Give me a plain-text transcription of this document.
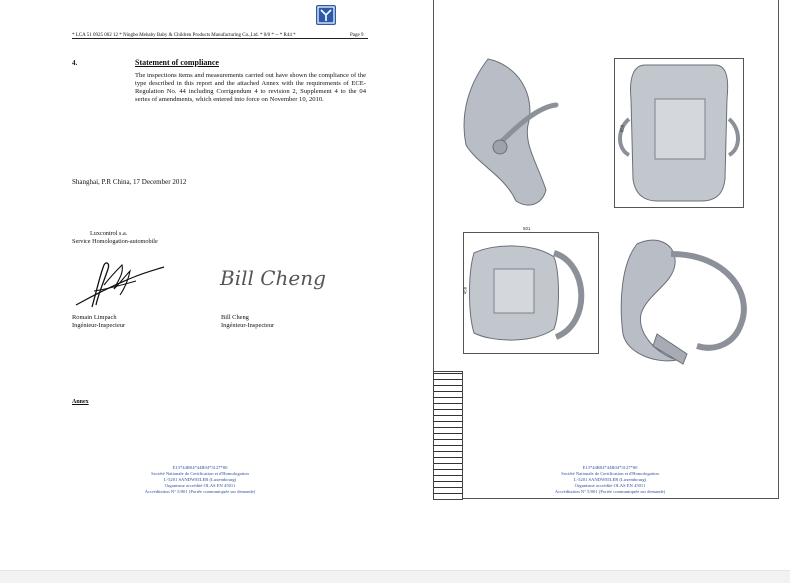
* LCA 51 0925 002 12 * Ningbo Mebaby Baby & Children Products Manufacturing Co.,Ltd. * 0/0 * -- * R44 *	Page 9
4.	Statement of compliance
The inspections items and measurements carried out have shown the compliance of the type described in this report and the attached Annex with the requirements of ECE-Regulation No. 44 including Corrigendum 4 to revision 2, Supplement 4 to the 04 series of amendments, which entered into force on November 10, 2010.
Shanghai, P.R China, 17 December 2012
Luxcontrol s.a.
Service Homologation-automobile
Bill Cheng
Romain Limpach
Ingénieur-Inspecteur
Bill Cheng
Ingénieur-Inspecteur
Annex
E13*44R04*44R04*3127*00
Société Nationale de Certification et d'Homologation
L-5201 SANDWEILER (Luxembourg)
Organisme accrédité OLAS EN 45011
Accréditation N° 5/001 (Portée communiquée sur demande)
659
501
458
E13*44R04*44R04*3127*00
Société Nationale de Certification et d'Homologation
L-5201 SANDWEILER (Luxembourg)
Organisme accrédité OLAS EN 45011
Accréditation N° 5/001 (Portée communiquée sur demande)
